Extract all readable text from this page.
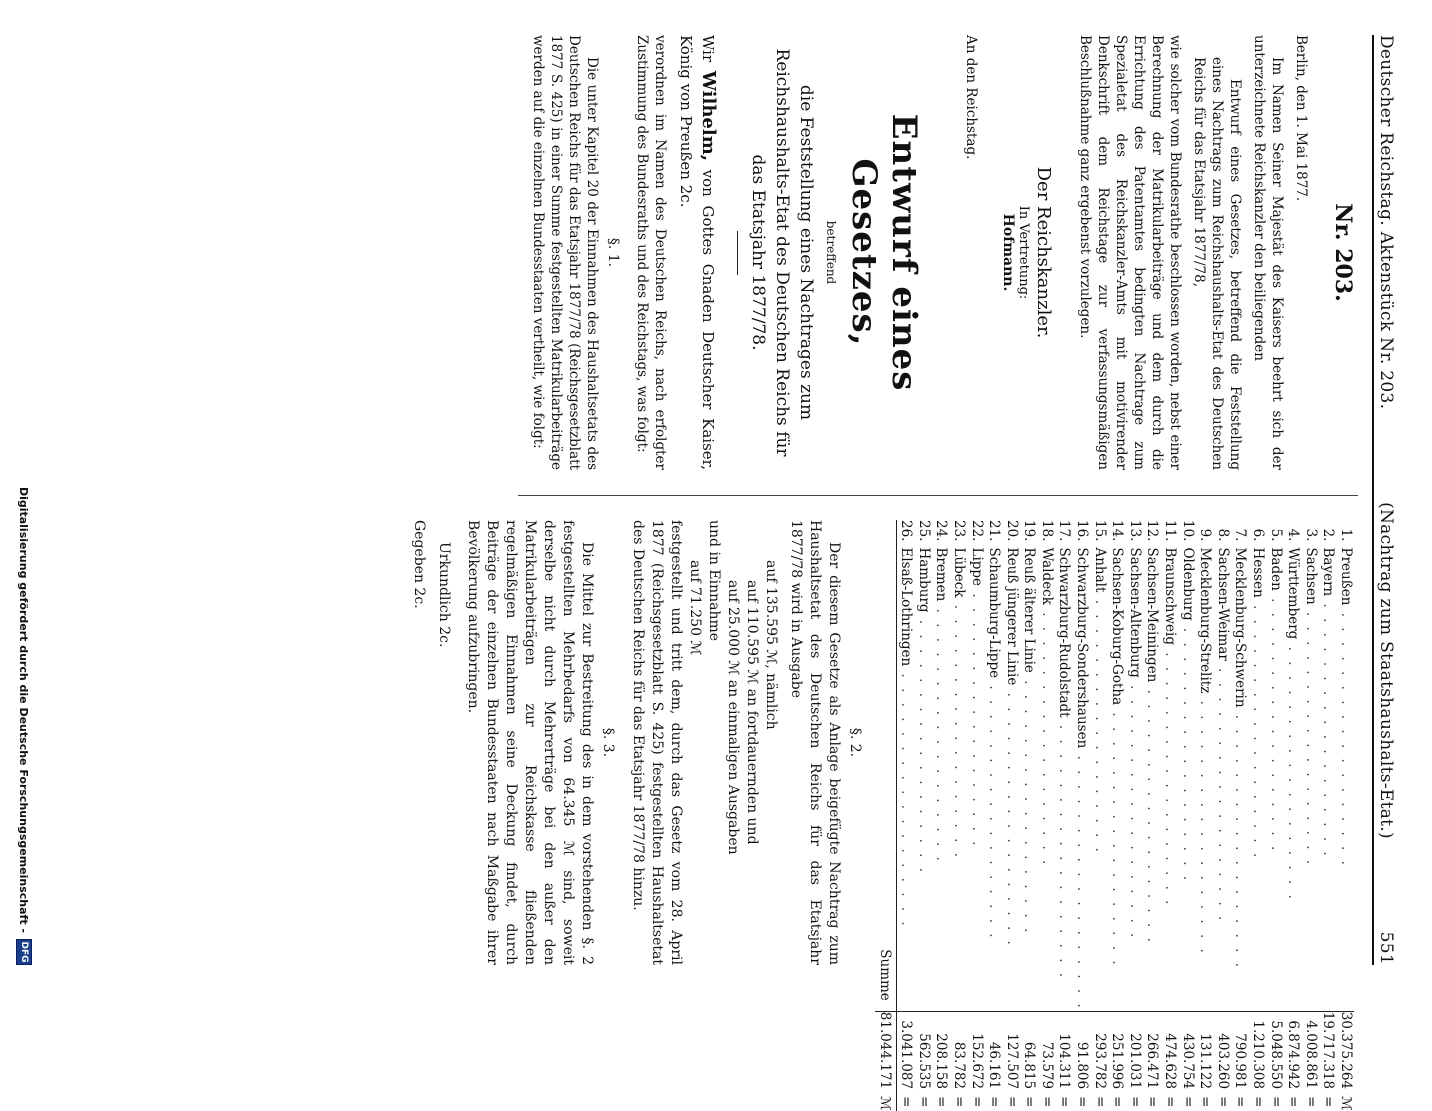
Deutscher Reichstag. Aktenstück Nr. 203.
(Nachtrag zum Staatshaushalts-Etat.)
551
Nr. 203.

Berlin, den 1. Mai 1877.

Im Namen Seiner Majestät des Kaisers beehrt sich der unterzeichnete Reichskanzler den beiliegenden

Entwurf eines Gesetzes, betreffend die Feststellung eines Nachtrags zum Reichshaushalts-Etat des Deutschen Reichs für das Etatsjahr 1877/78,

wie solcher vom Bundesrathe beschlossen worden, nebst einer Berechnung der Matrikularbeiträge und dem durch die Errichtung des Patentamtes bedingten Nachtrage zum Spezialetat des Reichskanzler-Amts mit motivirender Denkschrift dem Reichstage zur verfassungsmäßigen Beschlußnahme ganz ergebenst vorzulegen.

Der Reichskanzler.
In Vertretung:
Hofmann.

An den Reichstag.

Entwurf eines Gesetzes,
betreffend
die Feststellung eines Nachtrages zum Reichshaushalts-Etat des Deutschen Reichs für das Etatsjahr 1877/78.

Wir Wilhelm, von Gottes Gnaden Deutscher Kaiser, König von Preußen 2c.

verordnen im Namen des Deutschen Reichs, nach erfolgter Zustimmung des Bundesraths und des Reichstags, was folgt:

§. 1.

Die unter Kapitel 20 der Einnahmen des Haushaltsetats des Deutschen Reichs für das Etatsjahr 1877/78 (Reichsgesetzblatt 1877 S. 425) in einer Summe festgestellten Matrikularbeiträge werden auf die einzelnen Bundesstaaten vertheilt, wie folgt:

1.	Preußen . . . . . . . . . . . . . . . . . .	30.375.264	ℳ
2.	Bayern . . . . . . . . . . . . . . . . . .	19.717.318	=
3.	Sachsen . . . . . . . . . . . . . . . . . .	4.008.861	=
4.	Württemberg . . . . . . . . . . . . . . . . . .	6.874.942	=
5.	Baden . . . . . . . . . . . . . . . . . .	5.048.550	=
6.	Hessen . . . . . . . . . . . . . . . . . .	1.210.308	=
7.	Mecklenburg-Schwerin . . . . . . . . . . . . . . . . . .	790.981	=
8.	Sachsen-Weimar . . . . . . . . . . . . . . . . . .	403.260	=
9.	Mecklenburg-Strelitz . . . . . . . . . . . . . . . . . .	131.122	=
10.	Oldenburg . . . . . . . . . . . . . . . . . .	430.754	=
11.	Braunschweig . . . . . . . . . . . . . . . . . .	474.628	=
12.	Sachsen-Meiningen . . . . . . . . . . . . . . . . . .	266.471	=
13.	Sachsen-Altenburg . . . . . . . . . . . . . . . . . .	201.031	=
14.	Sachsen-Koburg-Gotha . . . . . . . . . . . . . . . . . .	251.996	=
15.	Anhalt . . . . . . . . . . . . . . . . . .	293.782	=
16.	Schwarzburg-Sondershausen . . . . . . . . . . . . . . . . . .	91.806	=
17.	Schwarzburg-Rudolstadt . . . . . . . . . . . . . . . . . .	104.311	=
18.	Waldeck . . . . . . . . . . . . . . . . . .	73.579	=
19.	Reuß älterer Linie . . . . . . . . . . . . . . . . . .	64.815	=
20.	Reuß jüngerer Linie . . . . . . . . . . . . . . . . . .	127.507	=
21.	Schaumburg-Lippe . . . . . . . . . . . . . . . . . .	46.161	=
22.	Lippe . . . . . . . . . . . . . . . . . .	152.672	=
23.	Lübeck . . . . . . . . . . . . . . . . . .	83.782	=
24.	Bremen . . . . . . . . . . . . . . . . . .	208.158	=
25.	Hamburg . . . . . . . . . . . . . . . . . .	562.535	=
26.	Elsaß-Lothringen . . . . . . . . . . . . . . . . . .	3.041.087	=
	Summe	81.044.171	ℳ
§. 2.

Der diesem Gesetze als Anlage beigefügte Nachtrag zum Haushaltsetat des Deutschen Reichs für das Etatsjahr 1877/78 wird in Ausgabe

auf 135.595 ℳ, nämlich

auf 110.595 ℳ an fortdauernden und

auf 25.000 ℳ an einmaligen Ausgaben

und in Einnahme

auf 71.250 ℳ

festgestellt und tritt dem, durch das Gesetz vom 28. April 1877 (Reichsgesetzblatt S. 425) festgestellten Haushaltsetat des Deutschen Reichs für das Etatsjahr 1877/78 hinzu.

§. 3.

Die Mittel zur Bestreitung des in dem vorstehenden §. 2 festgestellten Mehrbedarfs von 64.345 ℳ sind, soweit derselbe nicht durch Mehrerträge bei den außer den Matrikularbeiträgen zur Reichskasse fließenden regelmäßigen Einnahmen seine Deckung findet, durch Beiträge der einzelnen Bundesstaaten nach Maßgabe ihrer Bevölkerung aufzubringen.

Urkundlich 2c.

Gegeben 2c.

Digitalisierung gefördert durch die Deutsche Forschungsgemeinschaft -
DFG
